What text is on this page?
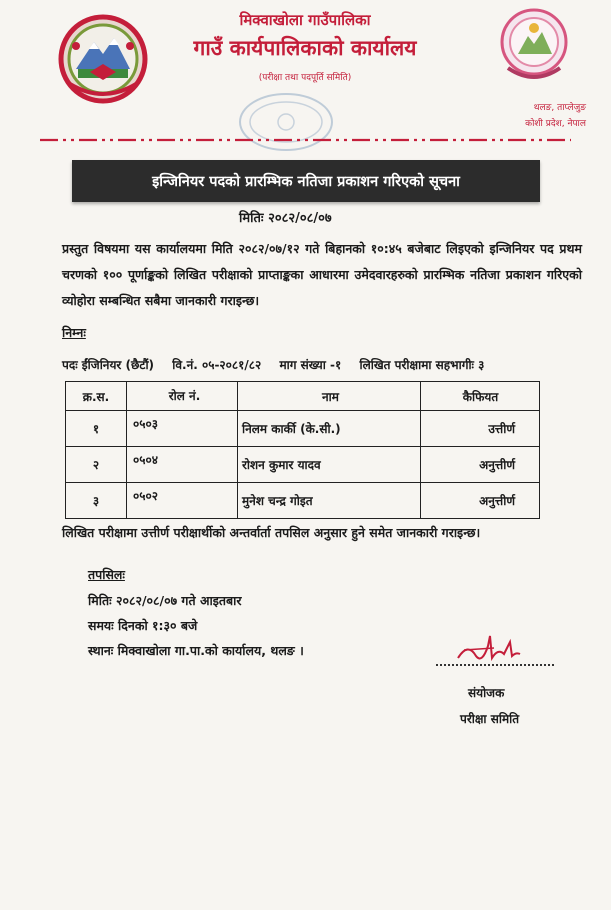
मिक्वाखोला गाउँपालिका
गाउँ कार्यपालिकाको कार्यालय
(परीक्षा तथा पदपूर्ति समिति)
थलङ, ताप्लेजुङ
कोशी प्रदेश, नेपाल
इन्जिनियर पदको प्रारम्भिक नतिजा प्रकाशन गरिएको सूचना
मितिः २०८२/०८/०७
प्रस्तुत विषयमा यस कार्यालयमा मिति २०८२/०७/१२ गते बिहानको १०:४५ बजेबाट लिइएको इन्जिनियर पद प्रथम चरणको १०० पूर्णाङ्कको लिखित परीक्षाको प्राप्ताङ्कका आधारमा उमेदवारहरुको प्रारम्भिक नतिजा प्रकाशन गरिएको व्योहोरा सम्बन्धित सबैमा जानकारी गराइन्छ।
निम्नः
पदः ईंजिनियर (छैटौं) वि.नं. ०५-२०८१/८२ माग संख्या -१ लिखित परीक्षामा सहभागीः ३
क्र.स.	रोल नं.	नाम	कैफियत
१	०५०३	निलम कार्की (के.सी.)	उत्तीर्ण
२	०५०४	रोशन कुमार यादव	अनुत्तीर्ण
३	०५०२	मुनेश चन्द्र गोइत	अनुत्तीर्ण
लिखित परीक्षामा उत्तीर्ण परीक्षार्थीको अन्तर्वार्ता तपसिल अनुसार हुने समेत जानकारी गराइन्छ।
तपसिलः
मितिः २०८२/०८/०७ गते आइतबार
समयः दिनको १:३० बजे
स्थानः मिक्वाखोला गा.पा.को कार्यालय, थलङ ।
संयोजक
परीक्षा समिति
